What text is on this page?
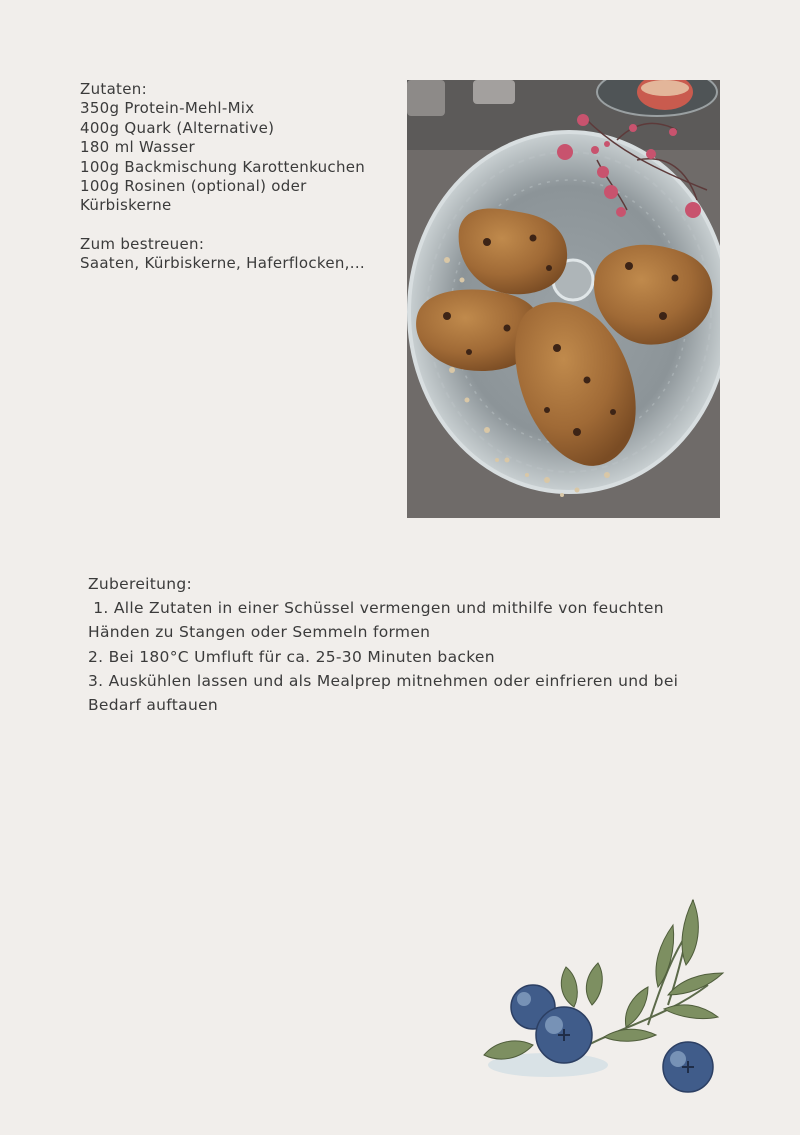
Zutaten:
350g Protein-Mehl-Mix
400g Quark (Alternative)
180 ml Wasser
100g Backmischung Karottenkuchen
100g Rosinen (optional) oder
Kürbiskerne
Zum bestreuen:
Saaten, Kürbiskerne, Haferflocken,...
Zubereitung:
1. Alle Zutaten in einer Schüssel vermengen und mithilfe von feuchten Händen zu Stangen oder Semmeln formen
2. Bei 180°C Umfluft für ca. 25-30 Minuten backen
3. Auskühlen lassen und als Mealprep mitnehmen oder einfrieren und bei Bedarf auftauen
